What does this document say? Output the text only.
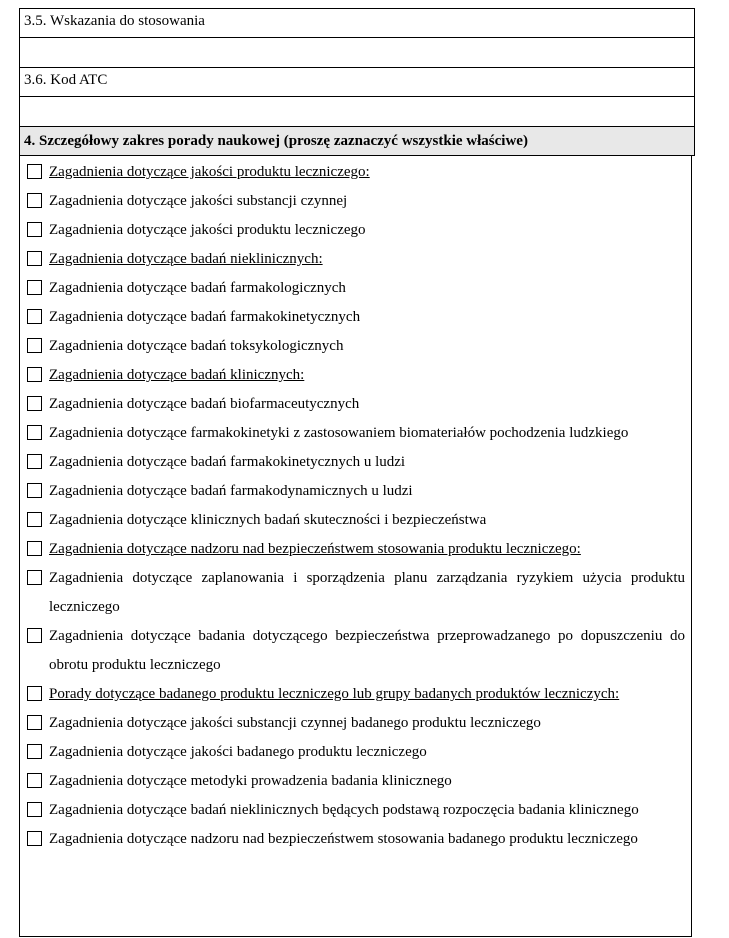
3.5. Wskazania do stosowania
3.6. Kod ATC
4. Szczegółowy zakres porady naukowej (proszę zaznaczyć wszystkie właściwe)
Zagadnienia dotyczące jakości produktu leczniczego:
Zagadnienia dotyczące jakości substancji czynnej
Zagadnienia dotyczące jakości produktu leczniczego
Zagadnienia dotyczące badań nieklinicznych:
Zagadnienia dotyczące badań farmakologicznych
Zagadnienia dotyczące badań farmakokinetycznych
Zagadnienia dotyczące badań toksykologicznych
Zagadnienia dotyczące badań klinicznych:
Zagadnienia dotyczące badań biofarmaceutycznych
Zagadnienia dotyczące farmakokinetyki z zastosowaniem biomateriałów pochodzenia ludzkiego
Zagadnienia dotyczące badań farmakokinetycznych u ludzi
Zagadnienia dotyczące badań farmakodynamicznych u ludzi
Zagadnienia dotyczące klinicznych badań skuteczności i bezpieczeństwa
Zagadnienia dotyczące nadzoru nad bezpieczeństwem stosowania produktu leczniczego:
Zagadnienia dotyczące zaplanowania i sporządzenia planu zarządzania ryzykiem użycia produktu leczniczego
Zagadnienia dotyczące badania dotyczącego bezpieczeństwa przeprowadzanego po dopuszczeniu do obrotu produktu leczniczego
Porady dotyczące badanego produktu leczniczego lub grupy badanych produktów leczniczych:
Zagadnienia dotyczące jakości substancji czynnej badanego produktu leczniczego
Zagadnienia dotyczące jakości badanego produktu leczniczego
Zagadnienia dotyczące metodyki prowadzenia badania klinicznego
Zagadnienia dotyczące badań nieklinicznych będących podstawą rozpoczęcia badania klinicznego
Zagadnienia dotyczące nadzoru nad bezpieczeństwem stosowania badanego produktu leczniczego
